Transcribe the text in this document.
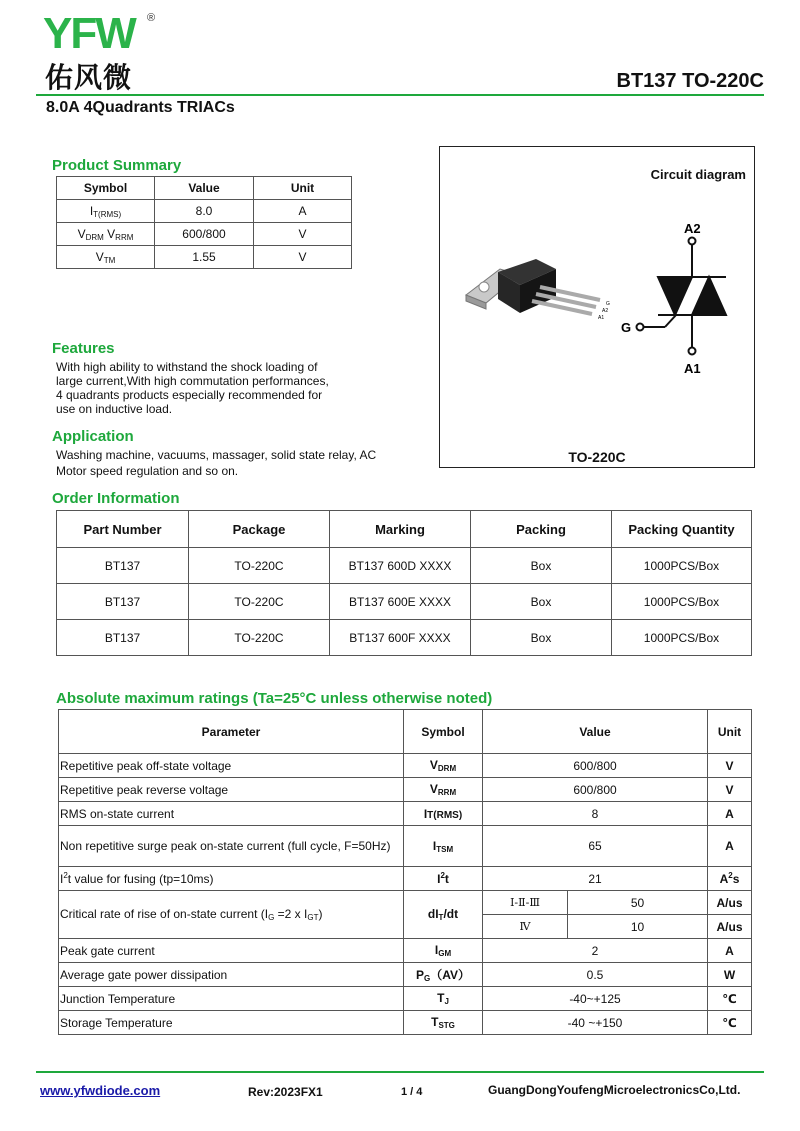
YFW ®
佑风微	BT137 TO-220C
8.0A 4Quadrants TRIACs
Product Summary
Symbol	Value	Unit
$I_{T(RMS)}$	8.0	A
$V_{DRM}$ $V_{RRM}$	600/800	V
$V_{TM}$	1.55	V
Features
With high ability to withstand the shock loading of
large current,With high commutation performances,
4 quadrants products especially recommended for
use on inductive load.
Application
Washing machine, vacuums, massager, solid state relay, AC
Motor speed regulation and so on.
Circuit diagram
G
A2
A1
A2
A1
G
TO-220C
Order Information
Part Number	Package	Marking	Packing	Packing Quantity
BT137	TO-220C	BT137 600D XXXX	Box	1000PCS/Box
BT137	TO-220C	BT137 600E XXXX	Box	1000PCS/Box
BT137	TO-220C	BT137 600F XXXX	Box	1000PCS/Box
Absolute maximum ratings (Ta=25°C unless otherwise noted)
Parameter	Symbol	Value		Unit
Repetitive peak off-state voltage	$V_{DRM}$	600/800		V
Repetitive peak reverse voltage	$V_{RRM}$	600/800		V
RMS on-state current	IT(RMS)	8		A
Non repetitive surge peak on-state current (full cycle, F=50Hz)	$I_{TSM}$	65		A
$I^2t$ value for fusing (tp=10ms)	$I^2t$	21		$A^2s$
Critical rate of rise of on-state current ($I_G =2$ x $I_{GT}$)	$dI_T/dt$	Ⅰ-Ⅱ-Ⅲ	50	A/us
		Ⅳ	10	A/us
Peak gate current	$I_{GM}$	2		A
Average gate power dissipation	$P_G(AV)$	0.5		W
Junction Temperature	$T_J$	-40~+125		℃
Storage Temperature	$T_{STG}$	-40 ~+150		℃
www.yfwdiode.com	Rev:2023FX1	1 / 4	GuangDongYoufengMicroelectronicsCo,Ltd.
